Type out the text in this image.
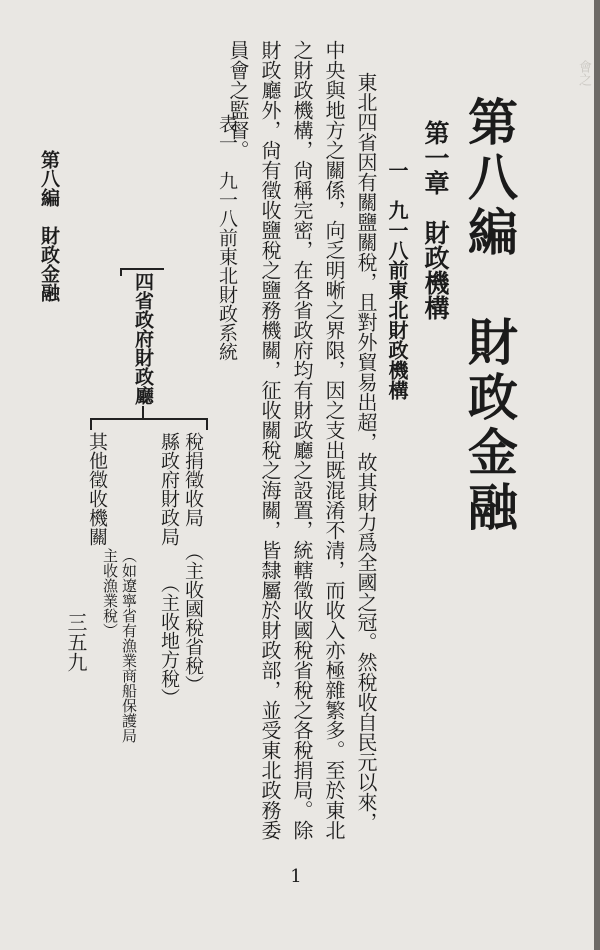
會之　　　　　　　　　　　　　　　　　　　　　　　　　

第八編　財政金融
第一章　財政機構
一　九一八前東北財政機構
東北四省因有關鹽關稅，且對外貿易出超，故其財力爲全國之冠。然稅收自民元以來，
中央與地方之關係，向乏明晰之界限，因之支出既混淆不清，而收入亦極雜繁多。至於東北
之財政機構，尙稱完密，在各省政府均有財政廳之設置，統轄徵收國稅省稅之各稅捐局。除
財政廳外，尙有徵收鹽稅之鹽務機關，征收關稅之海關，皆隸屬於財政部，並受東北政務委
員會之監督。
表一　九一八前東北財政系統
四省政府財政廳
稅捐徵收局
（主收國稅省稅）
縣政府財政局
（主收地方稅）
其他徵收機關
（如遼寧省有漁業商船保護局主收漁業稅）
第八編　財政金融
三五九
1
